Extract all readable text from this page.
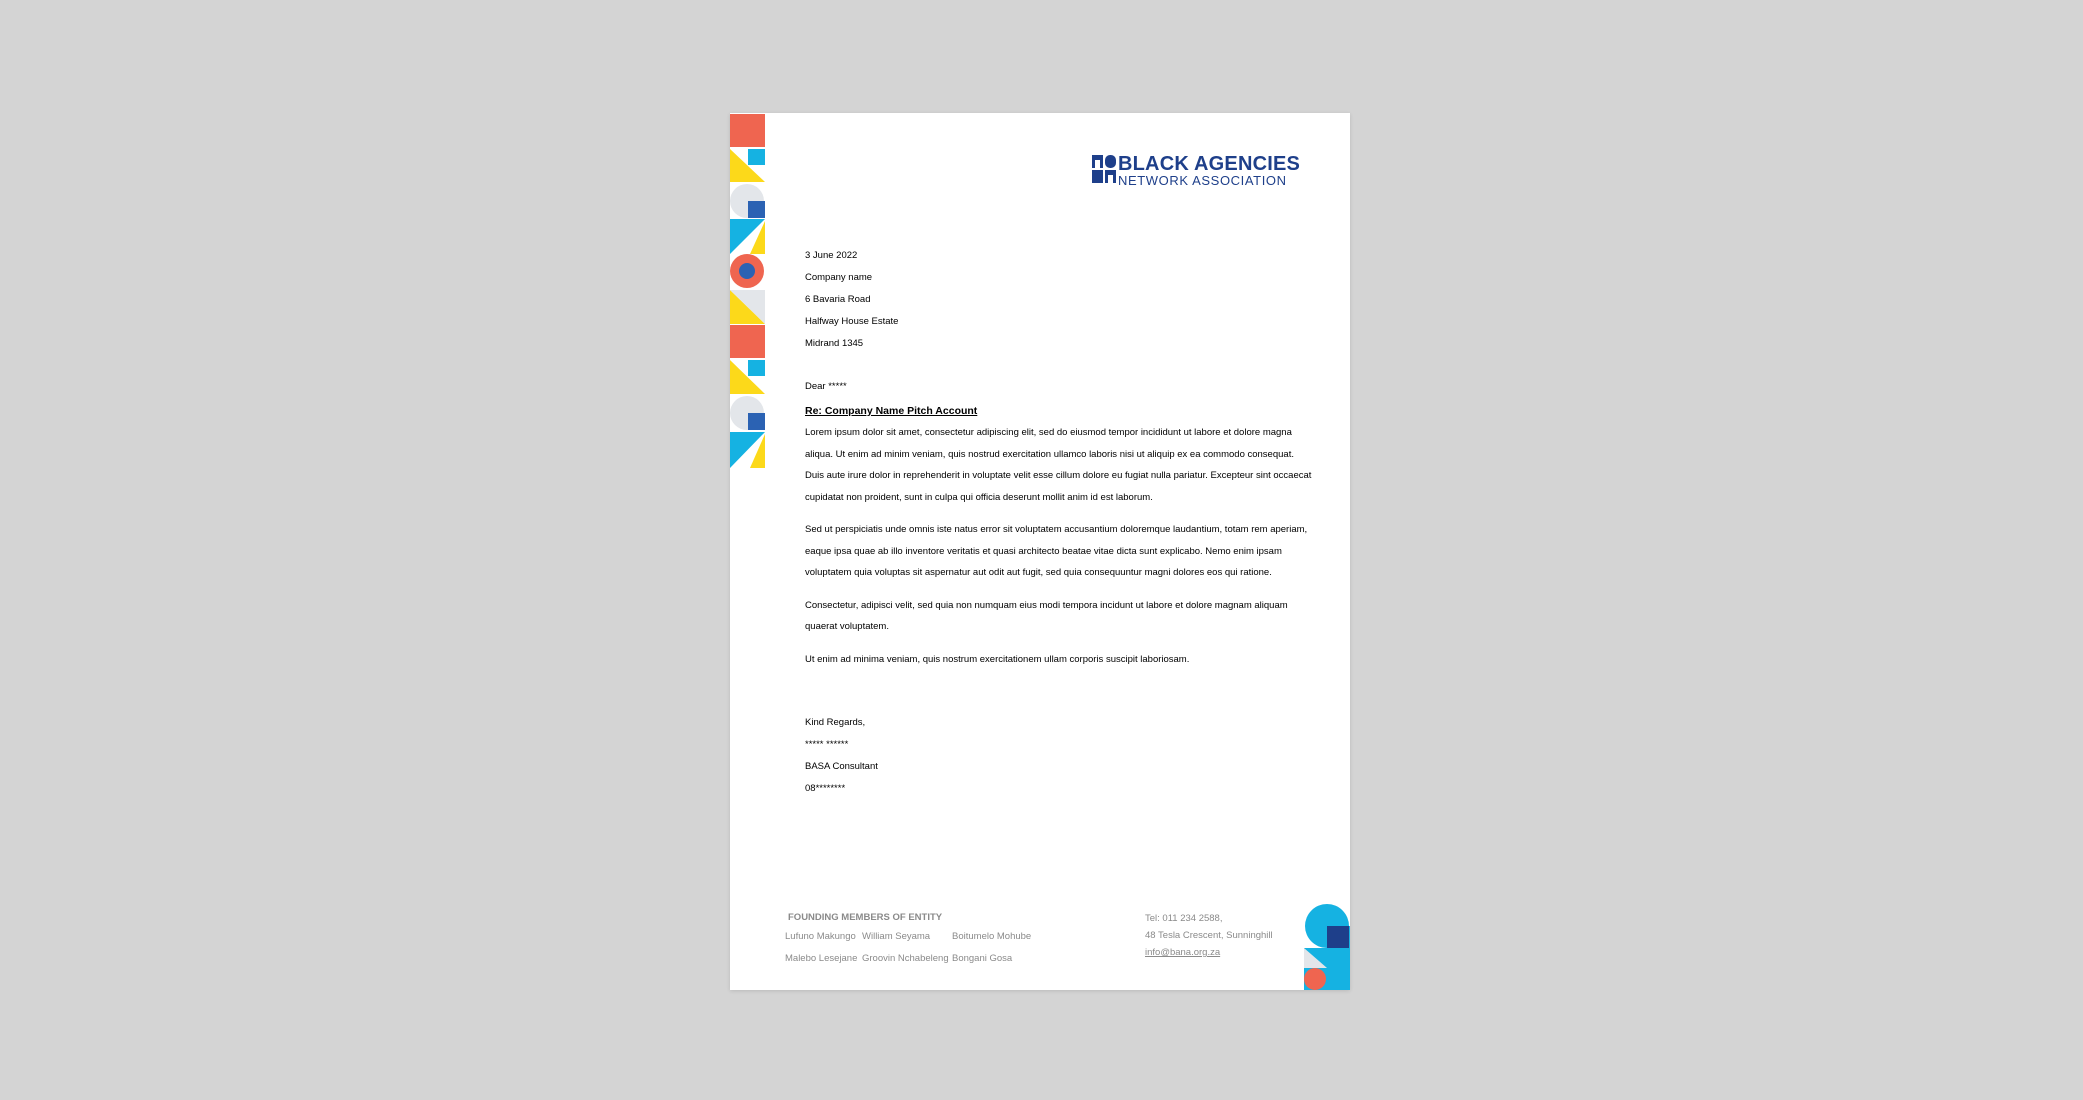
BLACK AGENCIES
NETWORK ASSOCIATION
3 June 2022
Company name
6 Bavaria Road
Halfway House Estate
Midrand 1345
Dear *****
Re: Company Name Pitch Account
Lorem ipsum dolor sit amet, consectetur adipiscing elit, sed do eiusmod tempor incididunt ut labore et dolore magna
aliqua. Ut enim ad minim veniam, quis nostrud exercitation ullamco laboris nisi ut aliquip ex ea commodo consequat.
Duis aute irure dolor in reprehenderit in voluptate velit esse cillum dolore eu fugiat nulla pariatur. Excepteur sint occaecat
cupidatat non proident, sunt in culpa qui officia deserunt mollit anim id est laborum.
Sed ut perspiciatis unde omnis iste natus error sit voluptatem accusantium doloremque laudantium, totam rem aperiam,
eaque ipsa quae ab illo inventore veritatis et quasi architecto beatae vitae dicta sunt explicabo. Nemo enim ipsam
voluptatem quia voluptas sit aspernatur aut odit aut fugit, sed quia consequuntur magni dolores eos qui ratione.
Consectetur, adipisci velit, sed quia non numquam eius modi tempora incidunt ut labore et dolore magnam aliquam
quaerat voluptatem.
Ut enim ad minima veniam, quis nostrum exercitationem ullam corporis suscipit laboriosam.
Kind Regards,
***** ******
BASA Consultant
08********
FOUNDING MEMBERS OF ENTITY
Lufuno Makungo William Seyama	Boitumelo Mohube
Malebo Lesejane Groovin Nchabeleng Bongani Gosa
Tel: 011 234 2588,
48 Tesla Crescent, Sunninghill
info@bana.org.za
